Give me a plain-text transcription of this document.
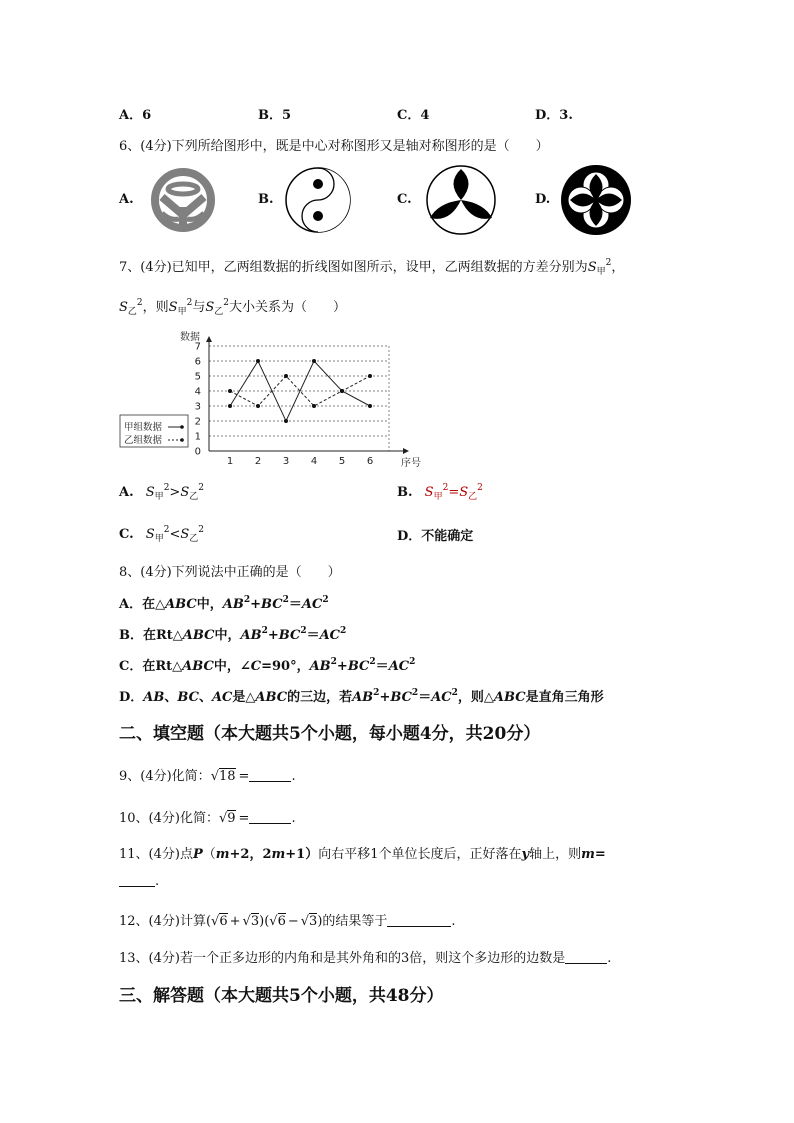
A．6	B．5	C．4	D．3.
6、(4分)下列所给图形中，既是中心对称图形又是轴对称图形的是（　　）
A.	B.	C.	D.
7、(4分)已知甲，乙两组数据的折线图如图所示，设甲，乙两组数据的方差分别为$S_甲^2$，
$S_乙^2$，则$S_甲^2$与$S_乙^2$大小关系为（　　）
0
1
2
3
4
5
6
7
数据
序号
1 2 3 4 5 6
甲组数据
乙组数据
A. $S_甲^2>S_乙^2$	B. $S_甲^2=S_乙^2$
C. $S_甲^2<S_乙^2$	D．不能确定
8、(4分)下列说法中正确的是（　　）
A．在△ABC中，$AB^2+BC^2=AC^2$
B．在Rt△ABC中，$AB^2+BC^2=AC^2$
C．在Rt△ABC中，∠C=90°，$AB^2+BC^2=AC^2$
D．AB、BC、AC是△ABC的三边，若$AB^2+BC^2=AC^2$，则△ABC是直角三角形
二、填空题（本大题共5个小题，每小题4分，共20分）
9、(4分)化简：√18 =	.
10、(4分)化简：√9 =	.
11、(4分)点P（m+2，2m+1）向右平移1个单位长度后，正好落在y轴上，则m=
.
12、(4分)计算(√6 + √3)(√6 − √3)的结果等于	.
13、(4分)若一个正多边形的内角和是其外角和的3倍，则这个多边形的边数是	.
三、解答题（本大题共5个小题，共48分）
